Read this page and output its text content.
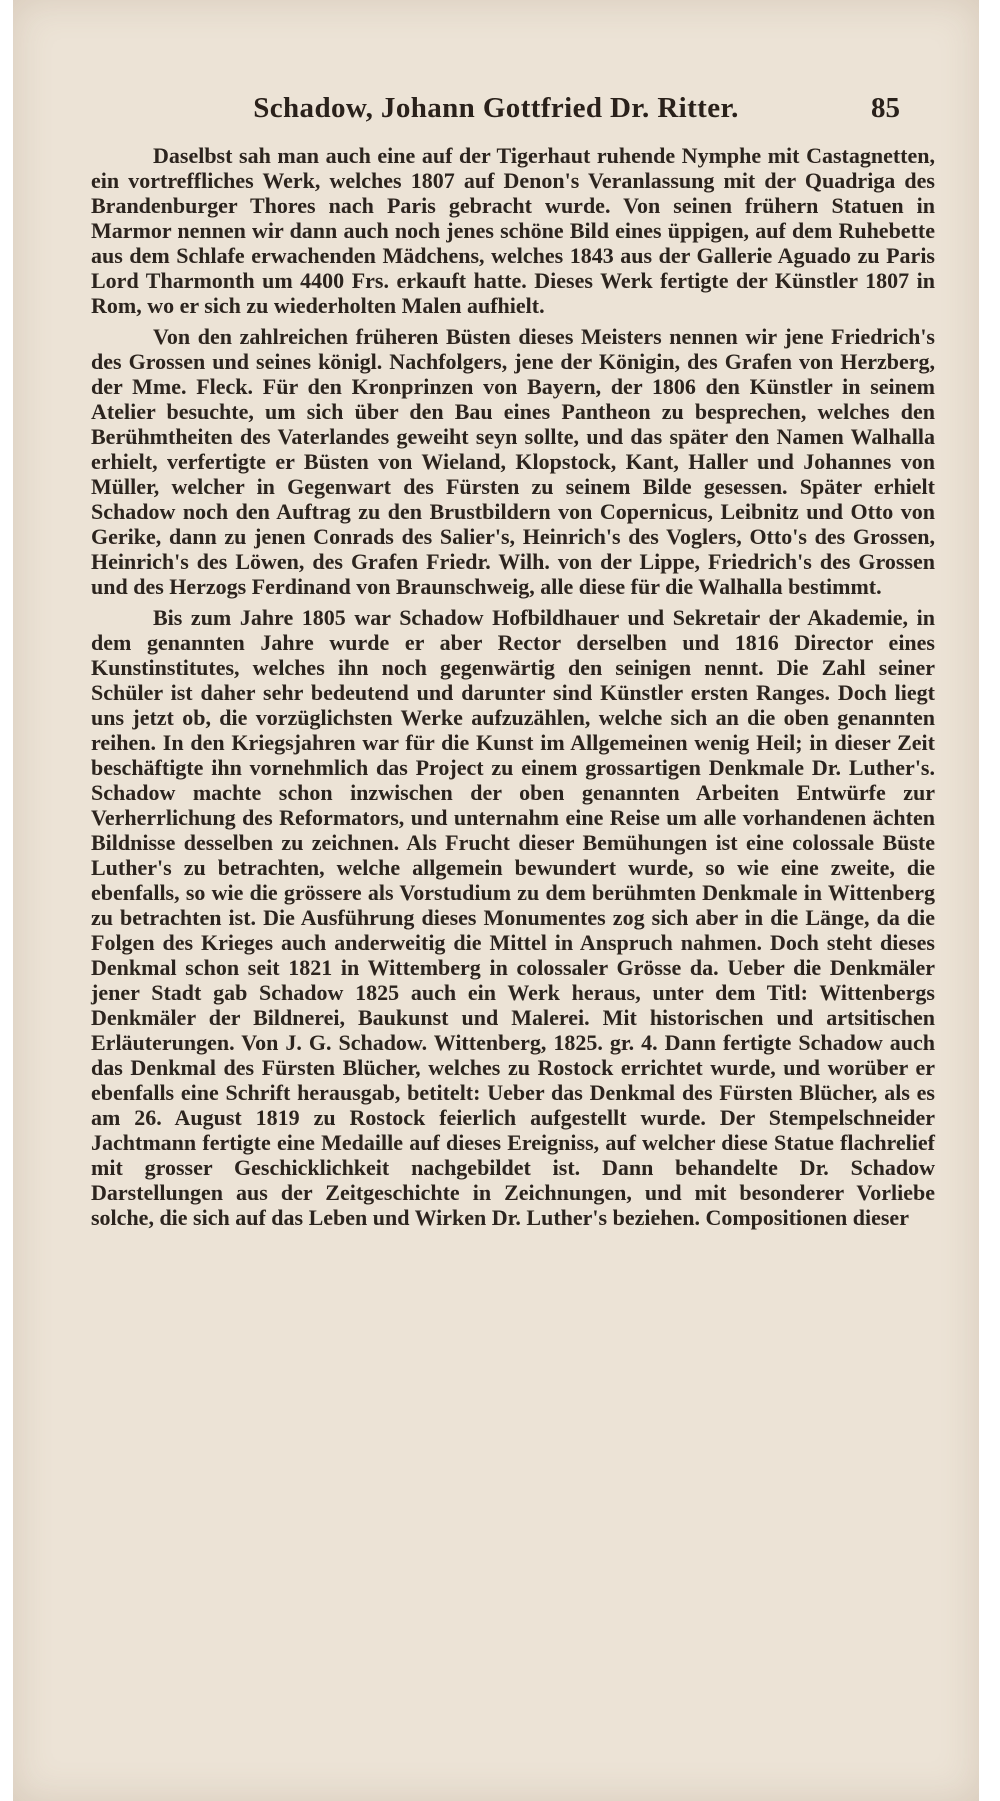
Schadow, Johann Gottfried Dr. Ritter.	85

Daselbst sah man auch eine auf der Tigerhaut ruhende Nymphe mit Castagnetten, ein vortreffliches Werk, welches 1807 auf Denon's Veranlassung mit der Quadriga des Brandenburger Thores nach Paris gebracht wurde. Von seinen frühern Statuen in Marmor nennen wir dann auch noch jenes schöne Bild eines üppigen, auf dem Ruhebette aus dem Schlafe erwachenden Mädchens, welches 1843 aus der Gallerie Aguado zu Paris Lord Tharmonth um 4400 Frs. erkauft hatte. Dieses Werk fertigte der Künstler 1807 in Rom, wo er sich zu wiederholten Malen aufhielt.

Von den zahlreichen früheren Büsten dieses Meisters nennen wir jene Friedrich's des Grossen und seines königl. Nachfolgers, jene der Königin, des Grafen von Herzberg, der Mme. Fleck. Für den Kronprinzen von Bayern, der 1806 den Künstler in seinem Atelier besuchte, um sich über den Bau eines Pantheon zu besprechen, welches den Berühmtheiten des Vaterlandes geweiht seyn sollte, und das später den Namen Walhalla erhielt, verfertigte er Büsten von Wieland, Klopstock, Kant, Haller und Johannes von Müller, welcher in Gegenwart des Fürsten zu seinem Bilde gesessen. Später erhielt Schadow noch den Auftrag zu den Brustbildern von Copernicus, Leibnitz und Otto von Gerike, dann zu jenen Conrads des Salier's, Heinrich's des Voglers, Otto's des Grossen, Heinrich's des Löwen, des Grafen Friedr. Wilh. von der Lippe, Friedrich's des Grossen und des Herzogs Ferdinand von Braunschweig, alle diese für die Walhalla bestimmt.

Bis zum Jahre 1805 war Schadow Hofbildhauer und Sekretair der Akademie, in dem genannten Jahre wurde er aber Rector derselben und 1816 Director eines Kunstinstitutes, welches ihn noch gegenwärtig den seinigen nennt. Die Zahl seiner Schüler ist daher sehr bedeutend und darunter sind Künstler ersten Ranges. Doch liegt uns jetzt ob, die vorzüglichsten Werke aufzuzählen, welche sich an die oben genannten reihen. In den Kriegsjahren war für die Kunst im Allgemeinen wenig Heil; in dieser Zeit beschäftigte ihn vornehmlich das Project zu einem grossartigen Denkmale Dr. Luther's. Schadow machte schon inzwischen der oben genannten Arbeiten Entwürfe zur Verherrlichung des Reformators, und unternahm eine Reise um alle vorhandenen ächten Bildnisse desselben zu zeichnen. Als Frucht dieser Bemühungen ist eine colossale Büste Luther's zu betrachten, welche allgemein bewundert wurde, so wie eine zweite, die ebenfalls, so wie die grössere als Vorstudium zu dem berühmten Denkmale in Wittenberg zu betrachten ist. Die Ausführung dieses Monumentes zog sich aber in die Länge, da die Folgen des Krieges auch anderweitig die Mittel in Anspruch nahmen. Doch steht dieses Denkmal schon seit 1821 in Wittemberg in colossaler Grösse da. Ueber die Denkmäler jener Stadt gab Schadow 1825 auch ein Werk heraus, unter dem Titl: Wittenbergs Denkmäler der Bildnerei, Baukunst und Malerei. Mit historischen und artsitischen Erläuterungen. Von J. G. Schadow. Wittenberg, 1825. gr. 4. Dann fertigte Schadow auch das Denkmal des Fürsten Blücher, welches zu Rostock errichtet wurde, und worüber er ebenfalls eine Schrift herausgab, betitelt: Ueber das Denkmal des Fürsten Blücher, als es am 26. August 1819 zu Rostock feierlich aufgestellt wurde. Der Stempelschneider Jachtmann fertigte eine Medaille auf dieses Ereigniss, auf welcher diese Statue flachrelief mit grosser Geschicklichkeit nachgebildet ist. Dann behandelte Dr. Schadow Darstellungen aus der Zeitgeschichte in Zeichnungen, und mit besonderer Vorliebe solche, die sich auf das Leben und Wirken Dr. Luther's beziehen. Compositionen dieser
